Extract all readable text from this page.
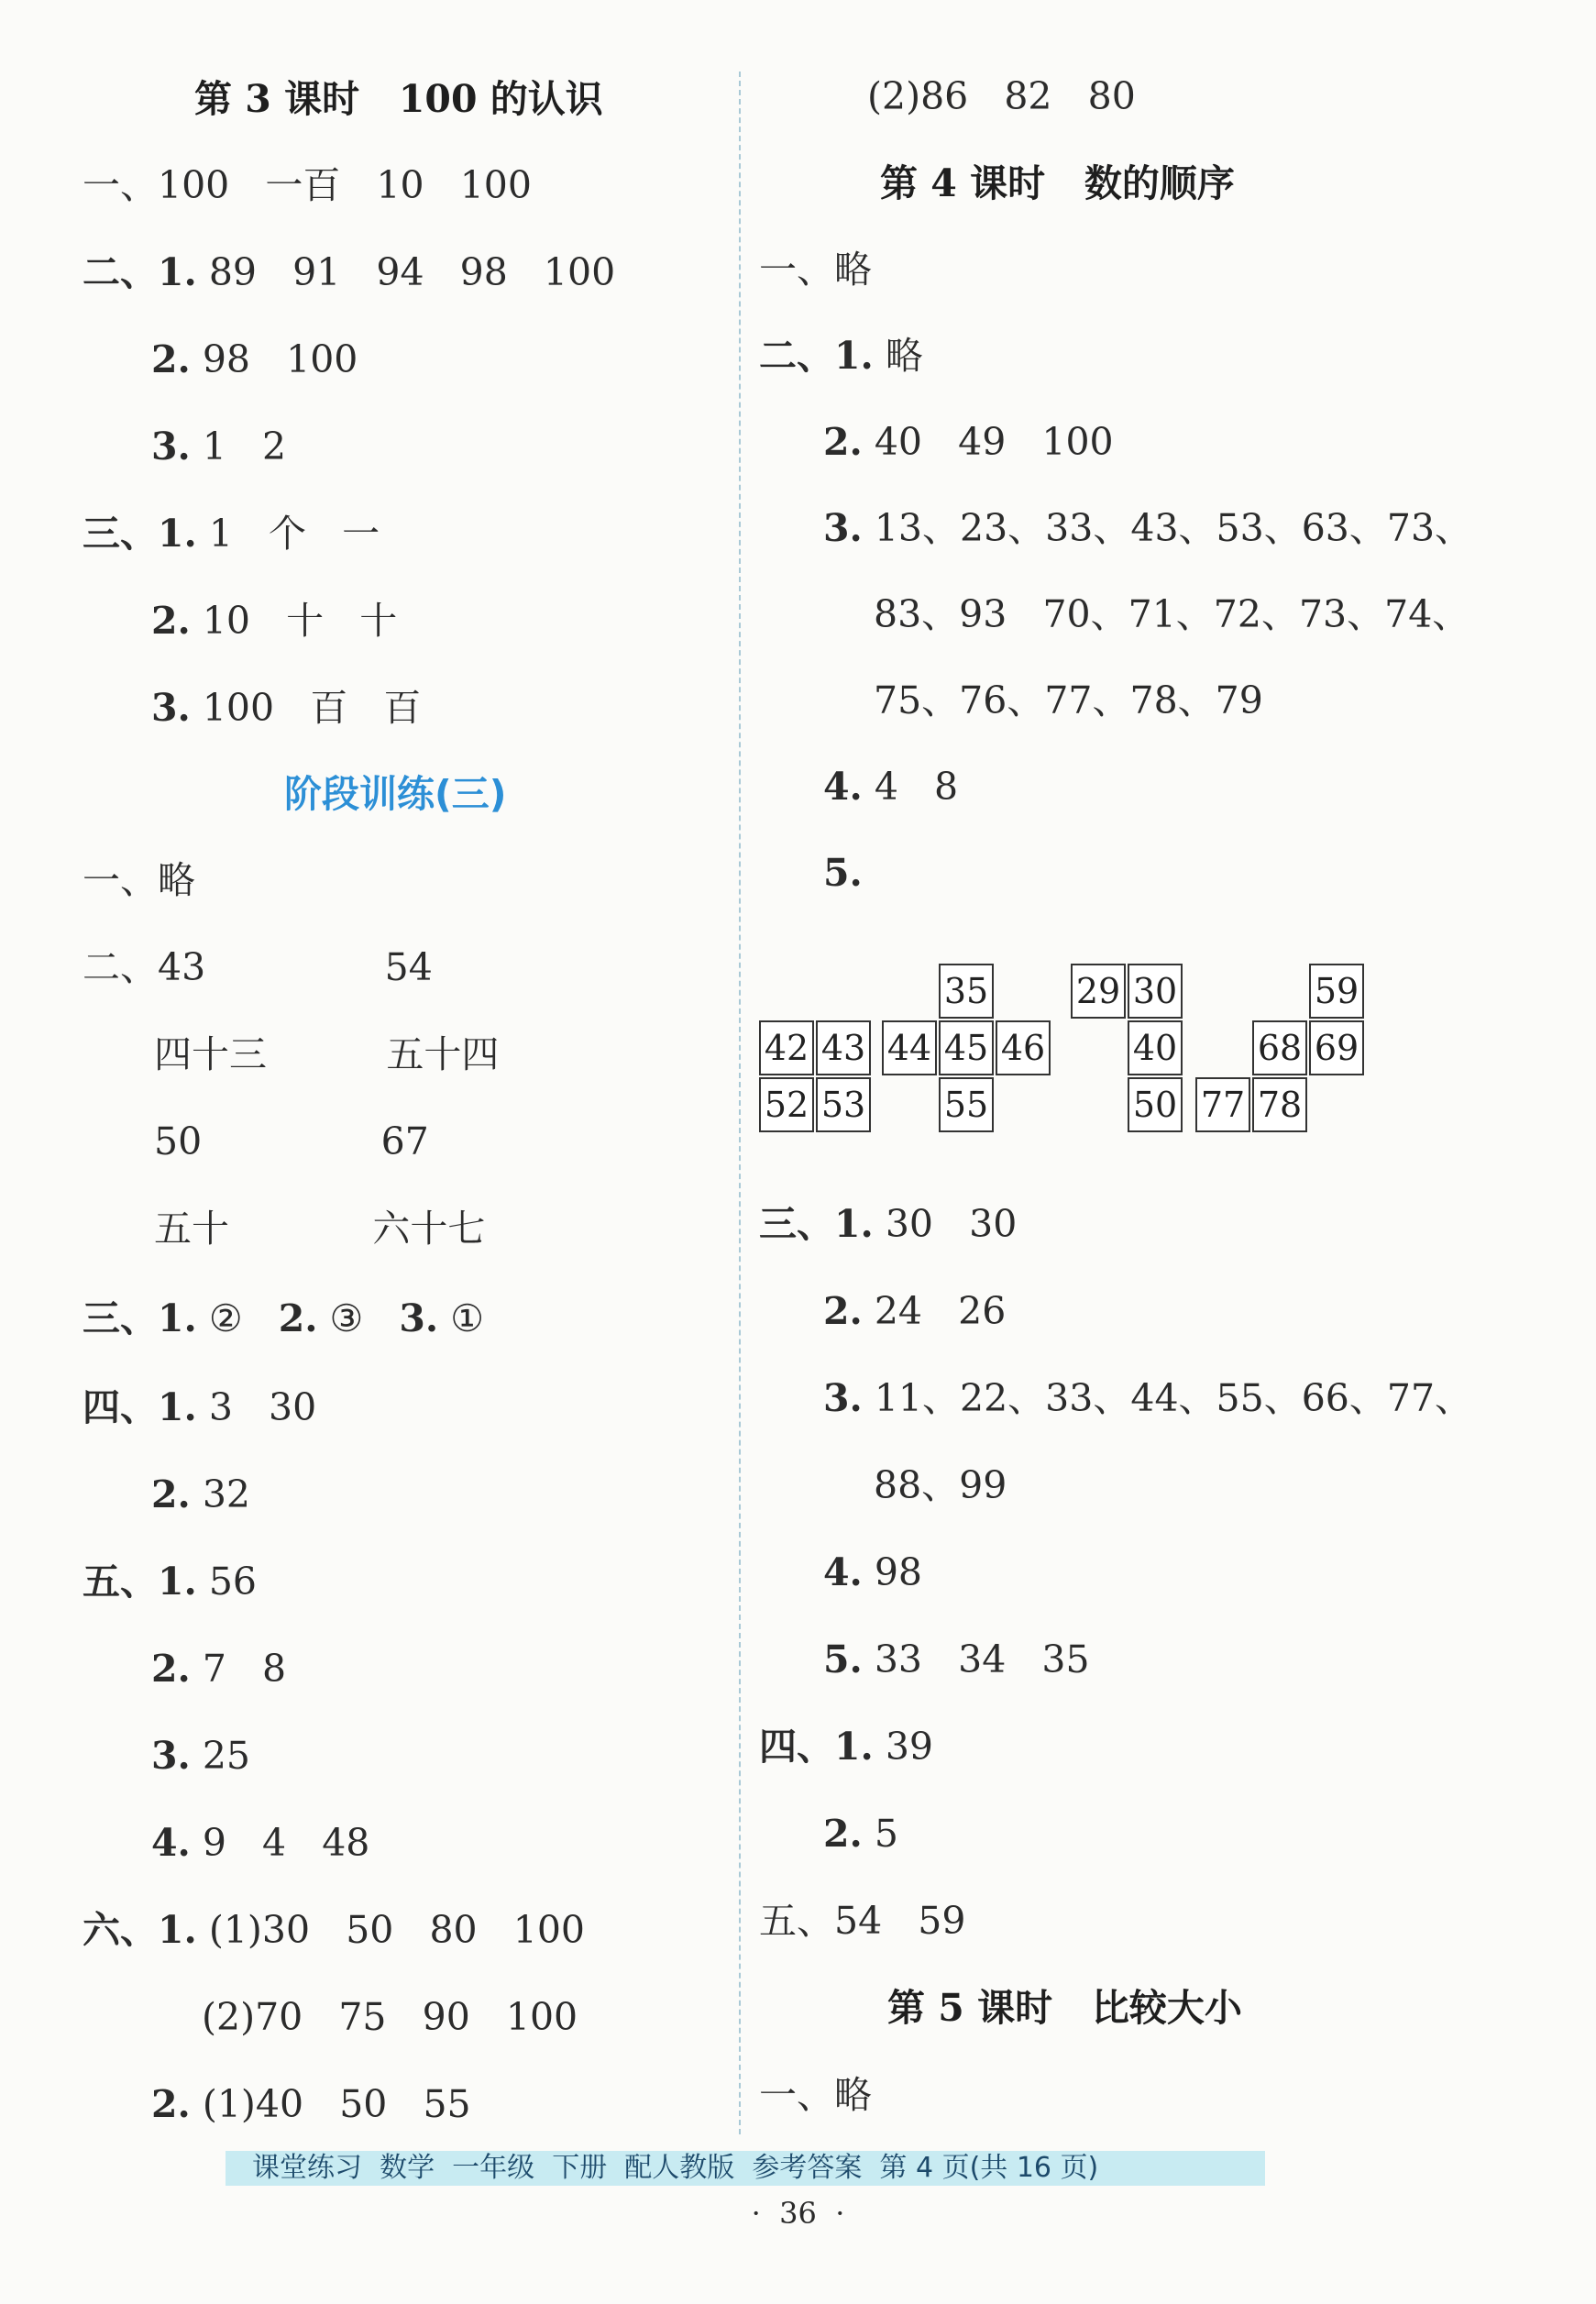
第 3 课时   100 的认识
一、100   一百   10   100
二、1. 89   91   94   98   100
2. 98   100
3. 1   2
三、1. 1   个   一
2. 10   十   十
3. 100   百   百
阶段训练(三)
一、略
二、43               54
四十三          五十四
50               67
五十            六十七
三、1. ②   2. ③   3. ①
四、1. 3   30
2. 32
五、1. 56
2. 7   8
3. 25
4. 9   4   48
六、1. (1)30   50   80   100
(2)70   75   90   100
2. (1)40   50   55
(2)86   82   80
第 4 课时   数的顺序
一、略
二、1. 略
2. 40   49   100
3. 13、23、33、43、53、63、73、
83、93   70、71、72、73、74、
75、76、77、78、79
4. 4   8
5.
42 43
52 53
35
44 45 46
55
29 30
40
50
59
68 69
77 78
三、1. 30   30
2. 24   26
3. 11、22、33、44、55、66、77、
88、99
4. 98
5. 33   34   35
四、1. 39
2. 5
五、54   59
第 5 课时   比较大小
一、略
课堂练习  数学  一年级  下册  配人教版  参考答案  第 4 页(共 16 页)
·  36  ·
